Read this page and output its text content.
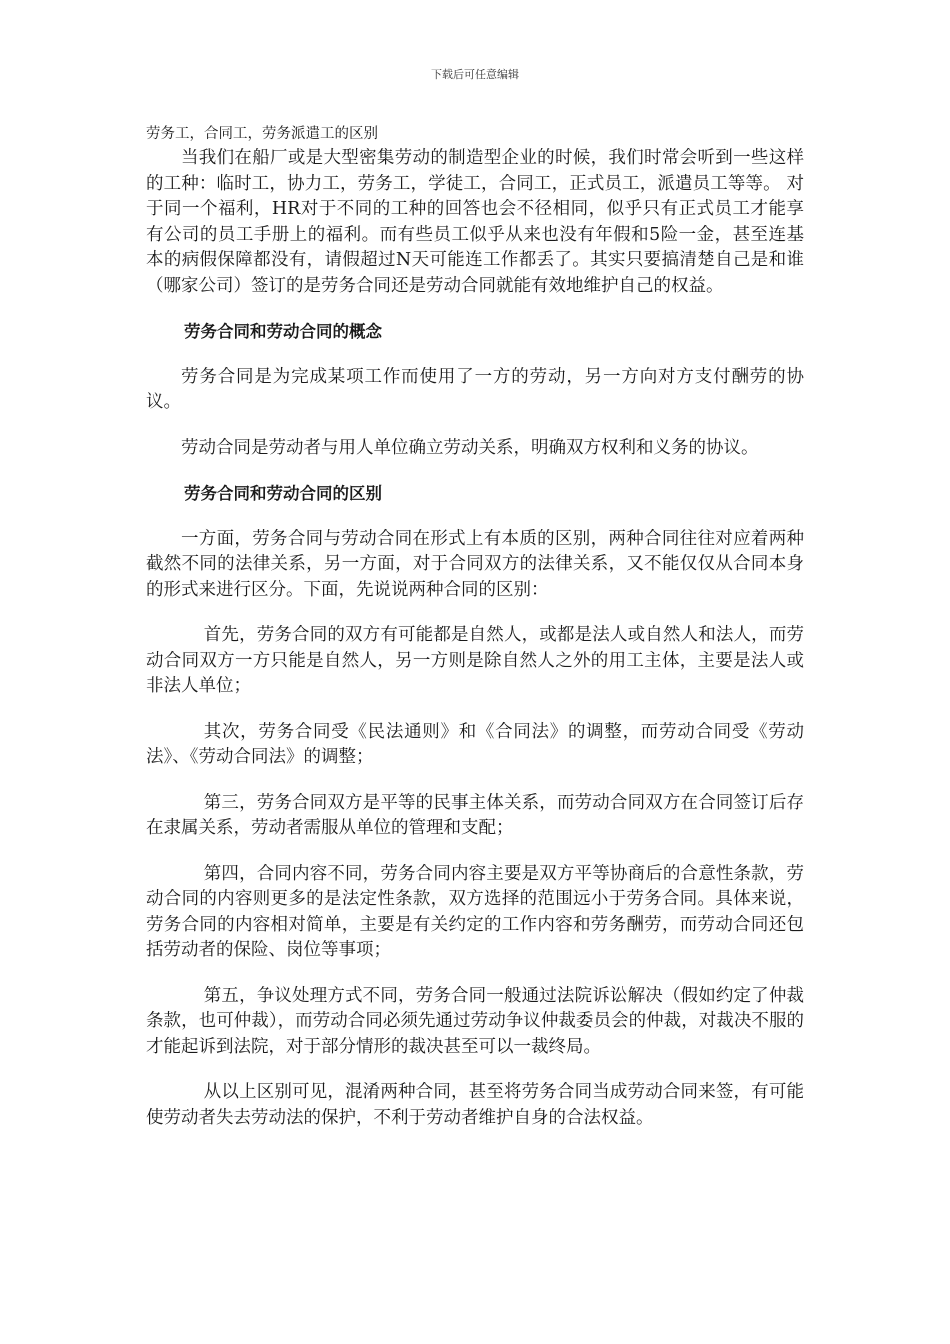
下载后可任意编辑
劳务工，合同工，劳务派遣工的区别

当我们在船厂或是大型密集劳动的制造型企业的时候，我们时常会听到一些这样的工种：临时工，协力工，劳务工，学徒工，合同工，正式员工，派遣员工等等。 对于同一个福利，HR对于不同的工种的回答也会不径相同，似乎只有正式员工才能享有公司的员工手册上的福利。而有些员工似乎从来也没有年假和5险一金，甚至连基本的病假保障都没有，请假超过N天可能连工作都丢了。其实只要搞清楚自己是和谁（哪家公司）签订的是劳务合同还是劳动合同就能有效地维护自己的权益。

劳务合同和劳动合同的概念

劳务合同是为完成某项工作而使用了一方的劳动，另一方向对方支付酬劳的协议。

劳动合同是劳动者与用人单位确立劳动关系，明确双方权利和义务的协议。

劳务合同和劳动合同的区别

一方面，劳务合同与劳动合同在形式上有本质的区别，两种合同往往对应着两种截然不同的法律关系，另一方面，对于合同双方的法律关系，又不能仅仅从合同本身的形式来进行区分。下面，先说说两种合同的区别：

首先，劳务合同的双方有可能都是自然人，或都是法人或自然人和法人，而劳动合同双方一方只能是自然人，另一方则是除自然人之外的用工主体，主要是法人或非法人单位；

其次，劳务合同受《民法通则》和《合同法》的调整，而劳动合同受《劳动法》、《劳动合同法》的调整；

第三，劳务合同双方是平等的民事主体关系，而劳动合同双方在合同签订后存在隶属关系，劳动者需服从单位的管理和支配；

第四，合同内容不同，劳务合同内容主要是双方平等协商后的合意性条款，劳动合同的内容则更多的是法定性条款，双方选择的范围远小于劳务合同。具体来说，劳务合同的内容相对简单，主要是有关约定的工作内容和劳务酬劳，而劳动合同还包括劳动者的保险、岗位等事项；

第五，争议处理方式不同，劳务合同一般通过法院诉讼解决（假如约定了仲裁条款，也可仲裁），而劳动合同必须先通过劳动争议仲裁委员会的仲裁，对裁决不服的才能起诉到法院，对于部分情形的裁决甚至可以一裁终局。

从以上区别可见，混淆两种合同，甚至将劳务合同当成劳动合同来签，有可能使劳动者失去劳动法的保护，不利于劳动者维护自身的合法权益。
